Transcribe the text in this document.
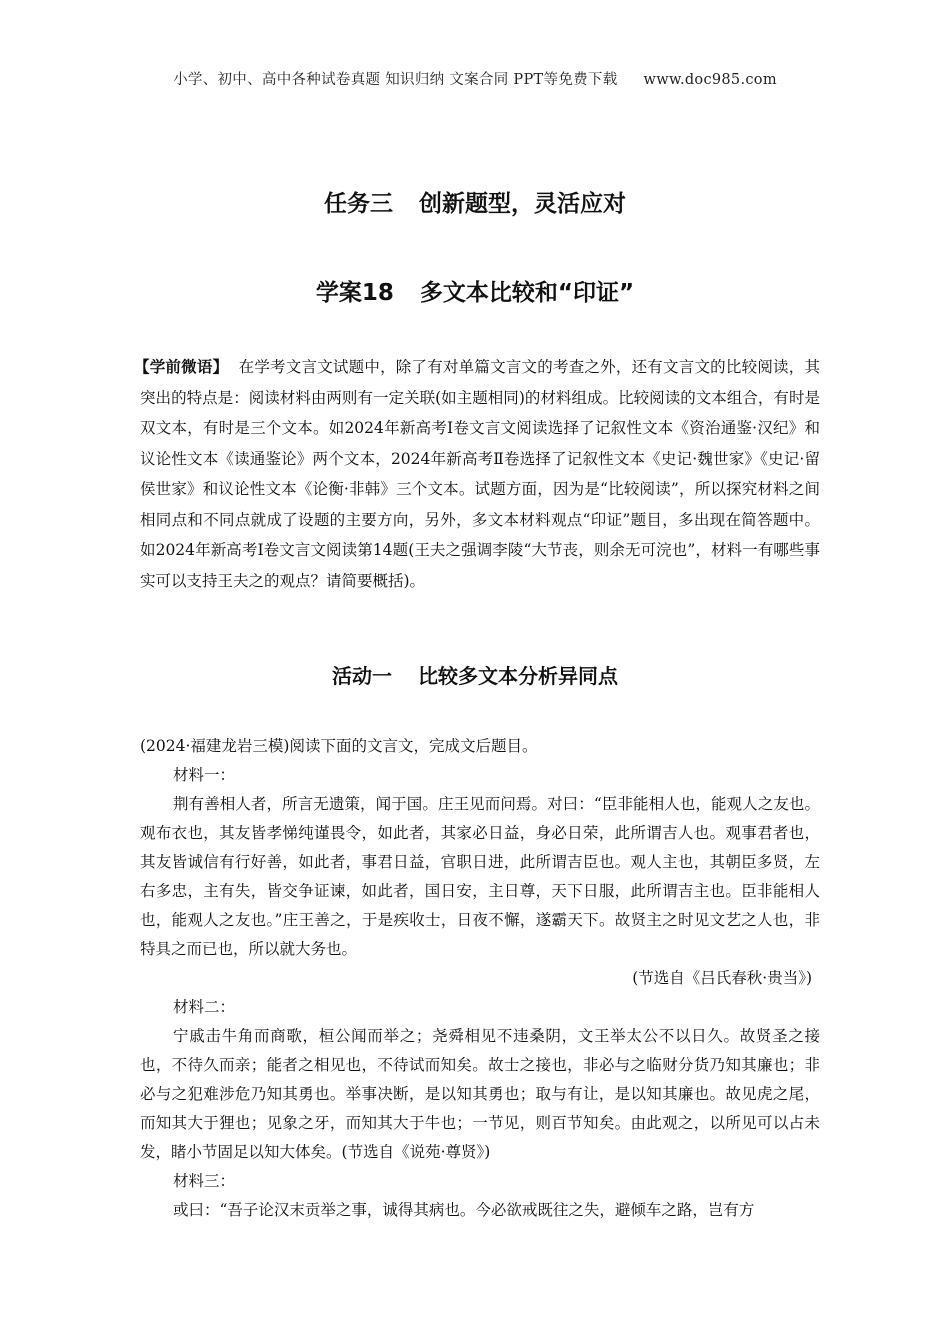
小学、初中、高中各种试卷真题 知识归纳 文案合同 PPT等免费下载 www.doc985.com
任务三 创新题型，灵活应对
学案18 多文本比较和“印证”
【学前微语】 在学考文言文试题中，除了有对单篇文言文的考查之外，还有文言文的比较阅读，其突出的特点是：阅读材料由两则有一定关联(如主题相同)的材料组成。比较阅读的文本组合，有时是双文本，有时是三个文本。如2024年新高考Ⅰ卷文言文阅读选择了记叙性文本《资治通鉴·汉纪》和议论性文本《读通鉴论》两个文本，2024年新高考Ⅱ卷选择了记叙性文本《史记·魏世家》《史记·留侯世家》和议论性文本《论衡·非韩》三个文本。试题方面，因为是“比较阅读”，所以探究材料之间相同点和不同点就成了设题的主要方向，另外，多文本材料观点“印证”题目，多出现在简答题中。如2024年新高考Ⅰ卷文言文阅读第14题(王夫之强调李陵“大节丧，则余无可浣也”，材料一有哪些事实可以支持王夫之的观点？请简要概括)。
活动一 比较多文本分析异同点

(2024·福建龙岩三模)阅读下面的文言文，完成文后题目。

材料一：

荆有善相人者，所言无遗策，闻于国。庄王见而问焉。对曰：“臣非能相人也，能观人之友也。观布衣也，其友皆孝悌纯谨畏令，如此者，其家必日益，身必日荣，此所谓吉人也。观事君者也，其友皆诚信有行好善，如此者，事君日益，官职日进，此所谓吉臣也。观人主也，其朝臣多贤，左右多忠，主有失，皆交争证谏，如此者，国日安，主日尊，天下日服，此所谓吉主也。臣非能相人也，能观人之友也。”庄王善之，于是疾收士，日夜不懈，遂霸天下。故贤主之时见文艺之人也，非特具之而已也，所以就大务也。

(节选自《吕氏春秋·贵当》)

材料二：

宁戚击牛角而商歌，桓公闻而举之；尧舜相见不违桑阴，文王举太公不以日久。故贤圣之接也，不待久而亲；能者之相见也，不待试而知矣。故士之接也，非必与之临财分货乃知其廉也；非必与之犯难涉危乃知其勇也。举事决断，是以知其勇也；取与有让，是以知其廉也。故见虎之尾，而知其大于狸也；见象之牙，而知其大于牛也；一节见，则百节知矣。由此观之，以所见可以占未发，睹小节固足以知大体矣。(节选自《说苑·尊贤》)

材料三：

或曰：“吾子论汉末贡举之事，诚得其病也。今必欲戒既往之失，避倾车之路，岂有方
